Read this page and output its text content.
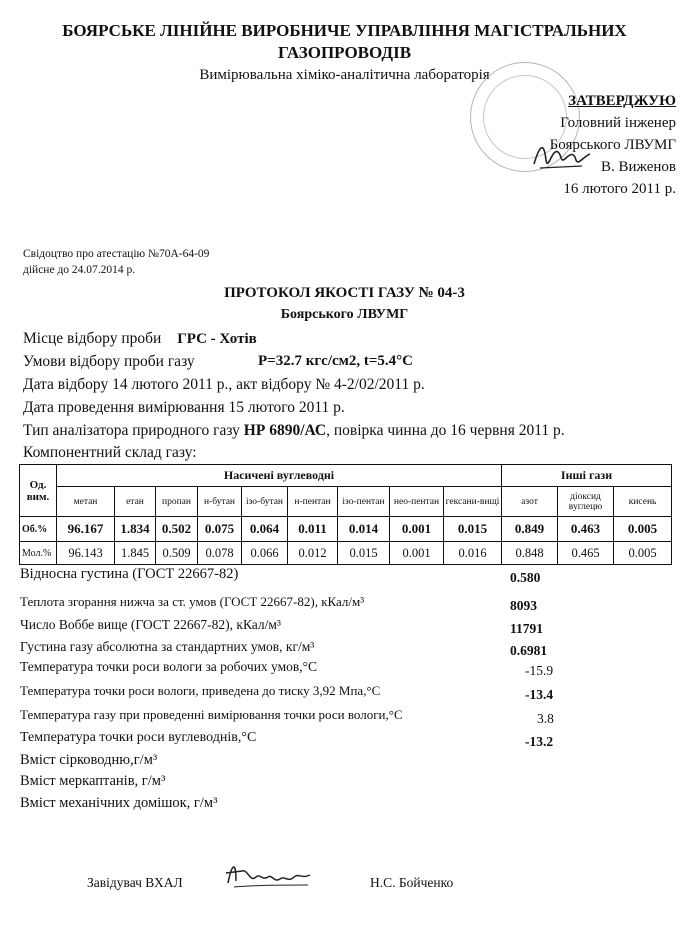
БОЯРСЬКЕ ЛІНІЙНЕ ВИРОБНИЧЕ УПРАВЛІННЯ МАГІСТРАЛЬНИХ
ГАЗОПРОВОДІВ
Вимірювальна хіміко-аналітична лабораторія
ЗАТВЕРДЖУЮ
Головний інженер
Боярського ЛВУМГ
В. Виженов
16 лютого 2011 р.
Свідоцтво про атестацію №70А-64-09
дійсне до 24.07.2014 р.
ПРОТОКОЛ ЯКОСТІ ГАЗУ № 04-3
Боярського ЛВУМГ
Місце відбору проби ГРС - Хотів
Умови відбору проби газу	Р=32.7 кгс/см2, t=5.4°С
Дата відбору 14 лютого 2011 р., акт відбору № 4-2/02/2011 р.
Дата проведення вимірювання 15 лютого 2011 р.
Тип аналізатора природного газу НР 6890/АС, повірка чинна до 16 червня 2011 р.
Компонентний склад газу:
Од. вим.	Насичені вуглеводні									Інші гази		
	метан	етан	пропан	н-бутан	ізо-бутан	н-пентан	ізо-пентан	нео-пентан	гексани-вищі	азот	діоксид вуглецю	кисень
Об.%	96.167	1.834	0.502	0.075	0.064	0.011	0.014	0.001	0.015	0.849	0.463	0.005
Мол.%	96.143	1.845	0.509	0.078	0.066	0.012	0.015	0.001	0.016	0.848	0.465	0.005
Відносна густина (ГОСТ 22667-82)	0.580
Теплота згорання нижча за ст. умов (ГОСТ 22667-82), кКал/м³	8093
Число Воббе вище (ГОСТ 22667-82), кКал/м³	11791
Густина газу абсолютна за стандартних умов, кг/м³	0.6981
Температура точки роси вологи за робочих умов,°С	-15.9
Температура точки роси вологи, приведена до тиску 3,92 Мпа,°С	-13.4
Температура газу при проведенні вимірювання точки роси вологи,°С	3.8
Температура точки роси вуглеводнів,°С	-13.2
Вміст сірководню,г/м³
Вміст меркаптанів, г/м³
Вміст механічних домішок, г/м³
Завідувач ВХАЛ	Н.С. Бойченко
